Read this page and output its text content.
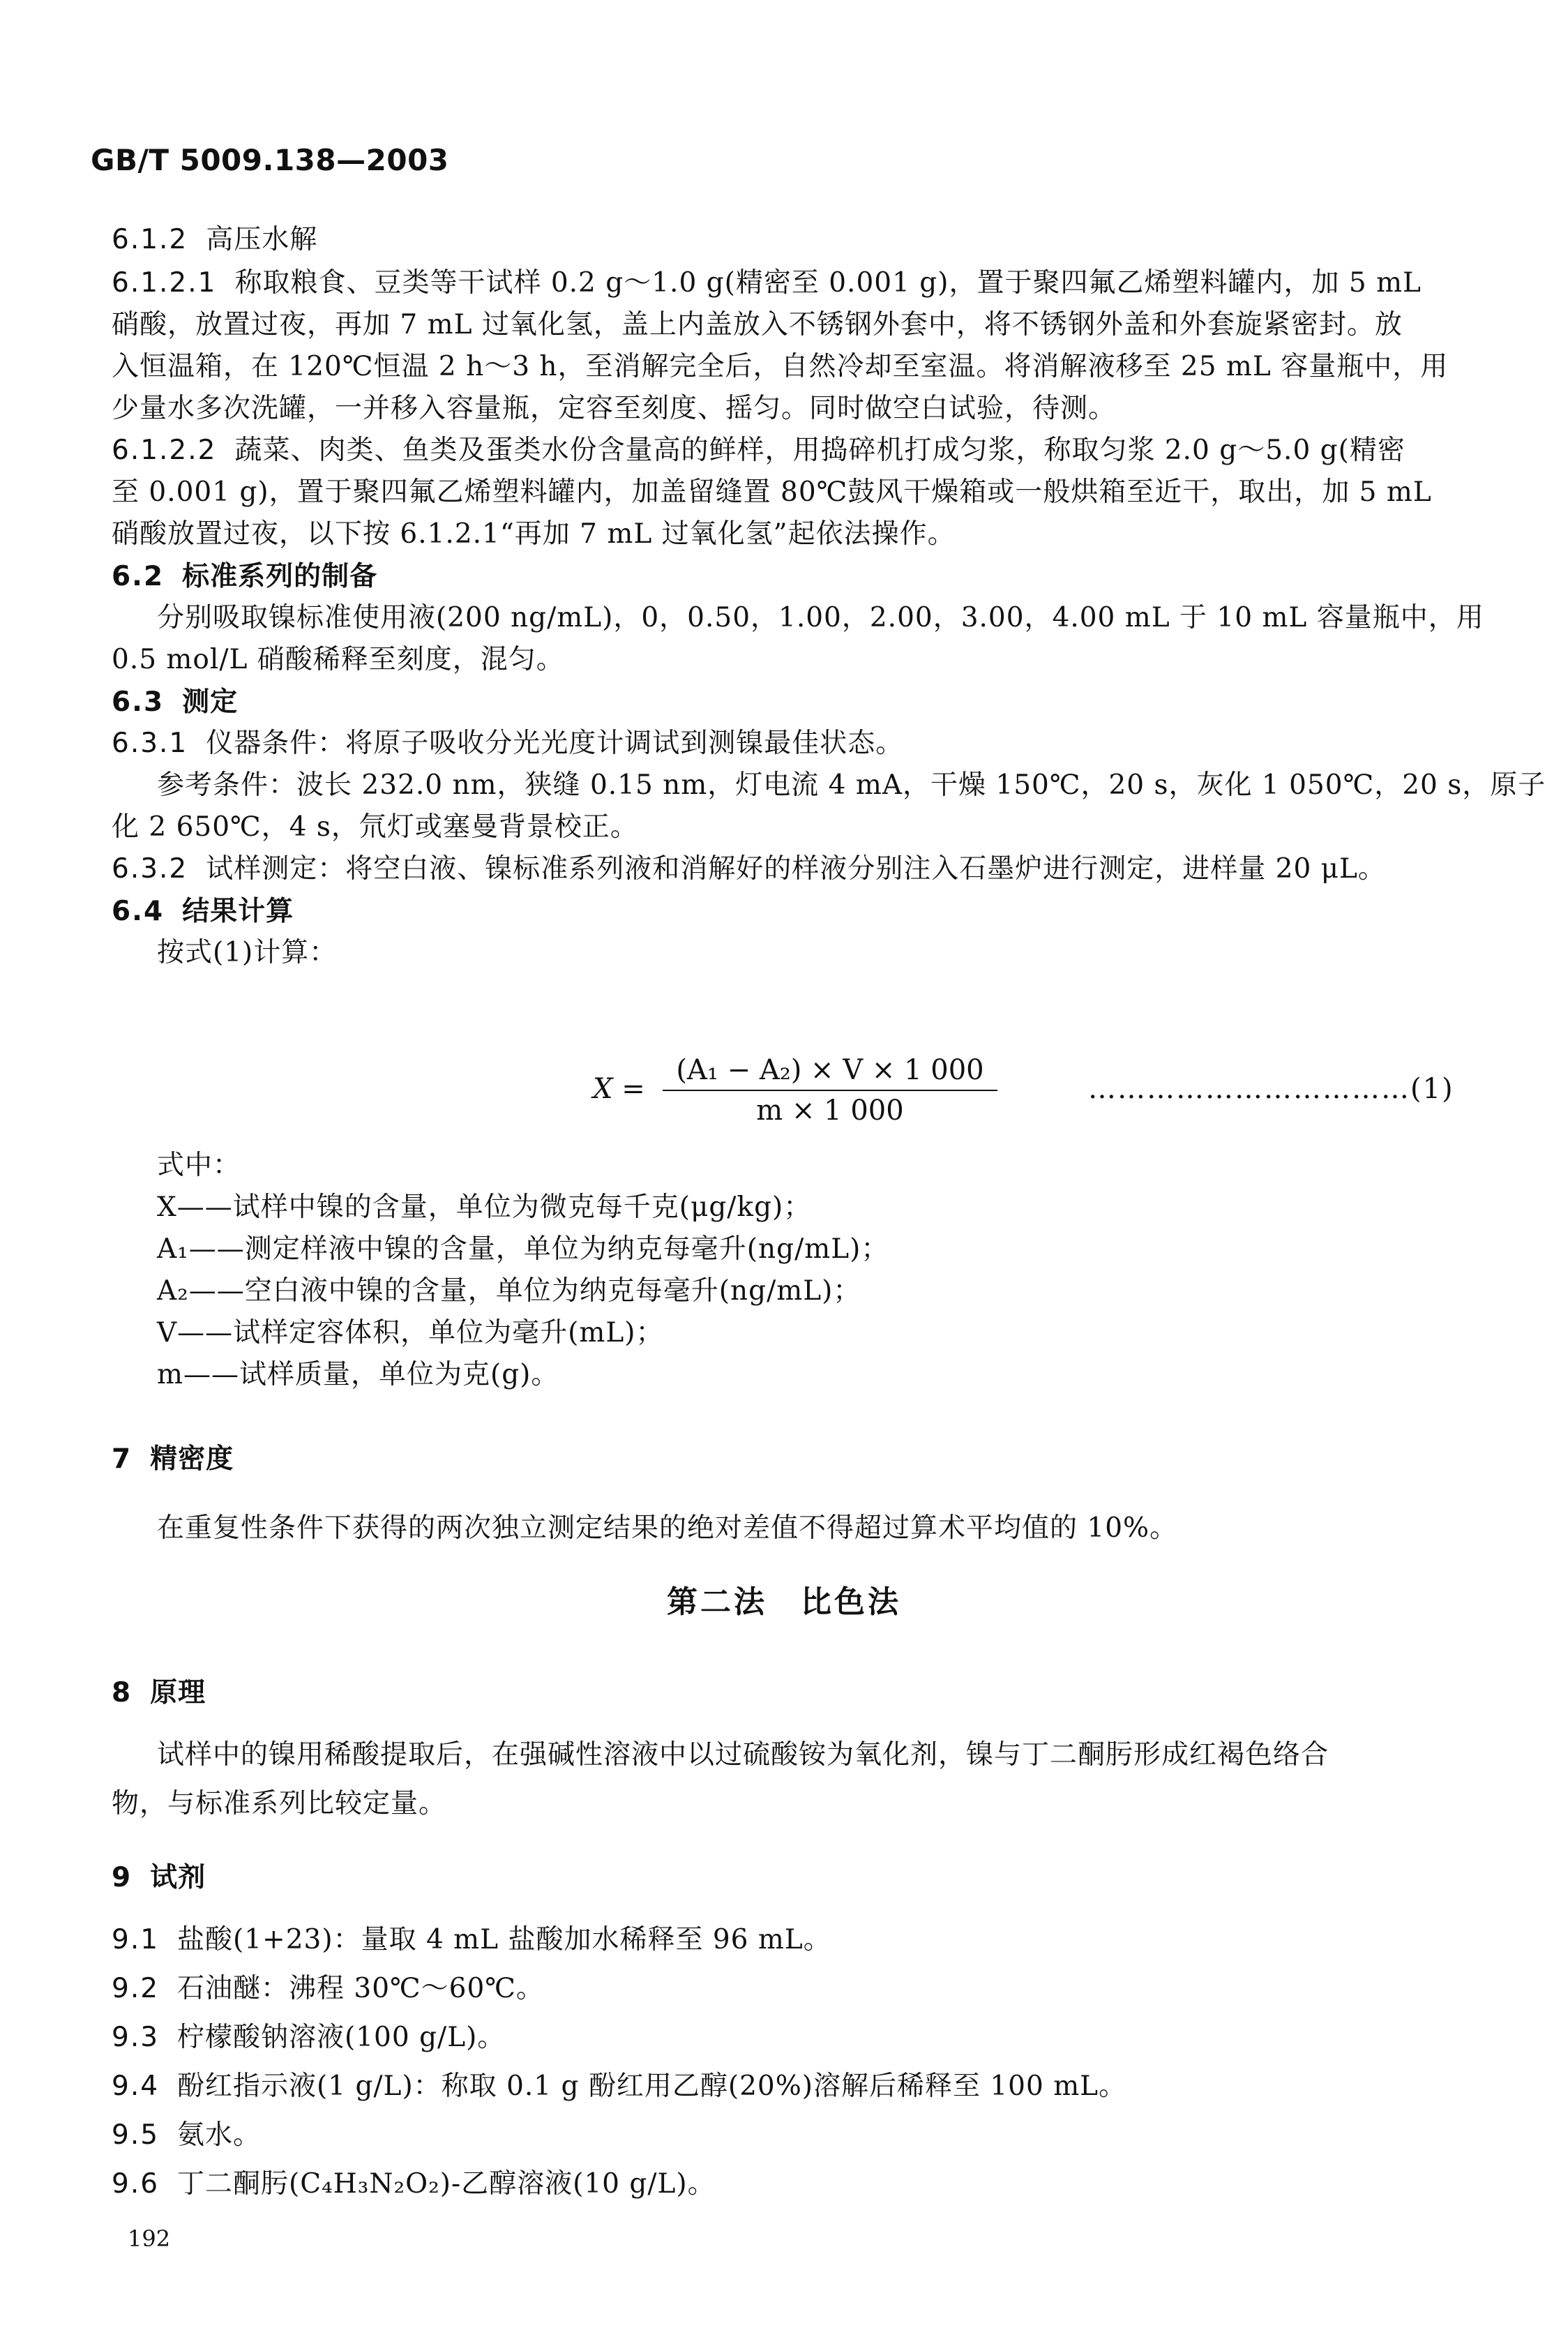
GB/T 5009.138—2003
6.1.2 高压水解
6.1.2.1 称取粮食、豆类等干试样 0.2 g～1.0 g(精密至 0.001 g)，置于聚四氟乙烯塑料罐内，加 5 mL
硝酸，放置过夜，再加 7 mL 过氧化氢，盖上内盖放入不锈钢外套中，将不锈钢外盖和外套旋紧密封。放
入恒温箱，在 120℃恒温 2 h～3 h，至消解完全后，自然冷却至室温。将消解液移至 25 mL 容量瓶中，用
少量水多次洗罐，一并移入容量瓶，定容至刻度、摇匀。同时做空白试验，待测。
6.1.2.2 蔬菜、肉类、鱼类及蛋类水份含量高的鲜样，用捣碎机打成匀浆，称取匀浆 2.0 g～5.0 g(精密
至 0.001 g)，置于聚四氟乙烯塑料罐内，加盖留缝置 80℃鼓风干燥箱或一般烘箱至近干，取出，加 5 mL
硝酸放置过夜，以下按 6.1.2.1“再加 7 mL 过氧化氢”起依法操作。
6.2 标准系列的制备
分别吸取镍标准使用液(200 ng/mL)，0，0.50，1.00，2.00，3.00，4.00 mL 于 10 mL 容量瓶中，用
0.5 mol/L 硝酸稀释至刻度，混匀。
6.3 测定
6.3.1 仪器条件：将原子吸收分光光度计调试到测镍最佳状态。
参考条件：波长 232.0 nm，狭缝 0.15 nm，灯电流 4 mA，干燥 150℃，20 s，灰化 1 050℃，20 s，原子
化 2 650℃，4 s，氘灯或塞曼背景校正。
6.3.2 试样测定：将空白液、镍标准系列液和消解好的样液分别注入石墨炉进行测定，进样量 20 μL。
6.4 结果计算
按式(1)计算：
式中：
X——试样中镍的含量，单位为微克每千克(μg/kg)；
A₁——测定样液中镍的含量，单位为纳克每毫升(ng/mL)；
A₂——空白液中镍的含量，单位为纳克每毫升(ng/mL)；
V——试样定容体积，单位为毫升(mL)；
m——试样质量，单位为克(g)。
7 精密度
在重复性条件下获得的两次独立测定结果的绝对差值不得超过算术平均值的 10%。
8 原理
试样中的镍用稀酸提取后，在强碱性溶液中以过硫酸铵为氧化剂，镍与丁二酮肟形成红褐色络合
物，与标准系列比较定量。
9 试剂
9.1 盐酸(1+23)：量取 4 mL 盐酸加水稀释至 96 mL。
9.2 石油醚：沸程 30℃～60℃。
9.3 柠檬酸钠溶液(100 g/L)。
9.4 酚红指示液(1 g/L)：称取 0.1 g 酚红用乙醇(20%)溶解后稀释至 100 mL。
9.5 氨水。
9.6 丁二酮肟(C₄H₃N₂O₂)-乙醇溶液(10 g/L)。
X =
(A₁ − A₂) × V × 1 000
m × 1 000
……………………………(1)
第二法　比色法
192
